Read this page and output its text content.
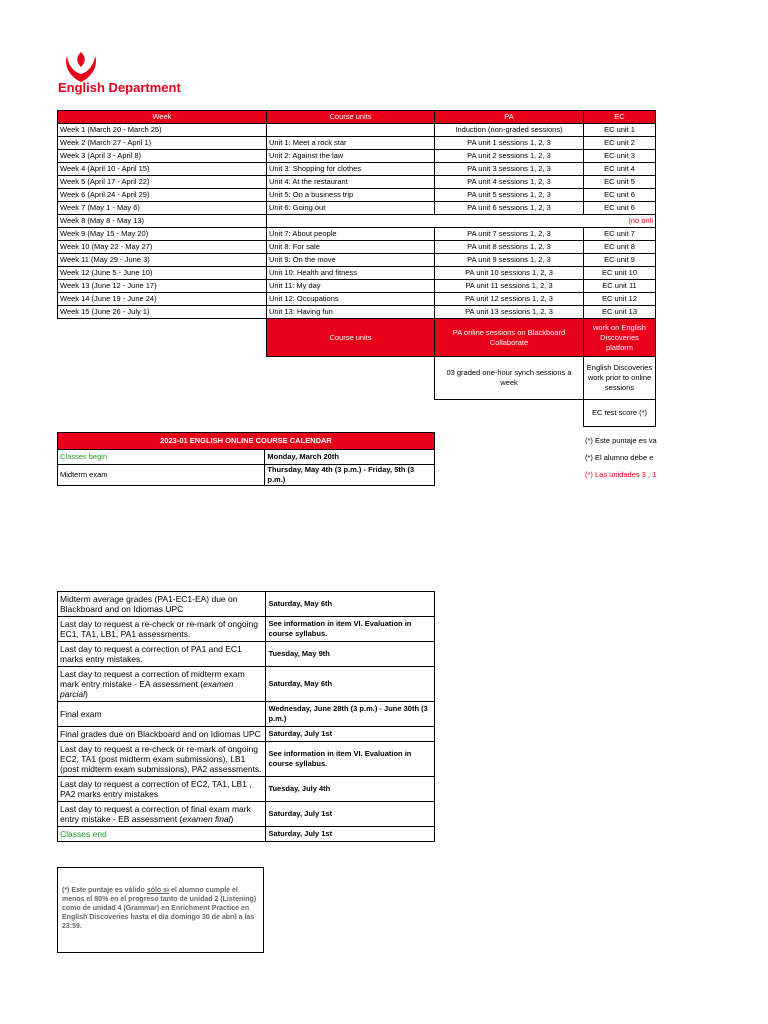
English Department
Week	Course units	PA	EC
Week 1 (March 20 - March 25)		Induction (non-graded sessions)	EC unit 1
Week 2 (March 27 - April 1)	Unit 1: Meet a rock star	PA unit 1 sessions 1, 2, 3	EC unit 2
Week 3 (April 3 - April 8)	Unit 2: Against the law	PA unit 2 sessions 1, 2, 3	EC unit 3
Week 4 (April 10 - April 15)	Unit 3: Shopping for clothes	PA unit 3 sessions 1, 2, 3	EC unit 4
Week 5 (April 17 - April 22)	Unit 4: At the restaurant	PA unit 4 sessions 1, 2, 3	EC unit 5
Week 6 (April 24 - April 29)	Unit 5: On a business trip	PA unit 5 sessions 1, 2, 3	EC unit 6
Week 7 (May 1 - May 6)	Unit 6: Going out	PA unit 6 sessions 1, 2, 3	EC unit 6
Week 8 (May 8 - May 13)	(no onli		
Week 9 (May 15 - May 20)	Unit 7: About people	PA unit 7 sessions 1, 2, 3	EC unit 7
Week 10 (May 22 - May 27)	Unit 8: For sale	PA unit 8 sessions 1, 2, 3	EC unit 8
Week 11 (May 29 - June 3)	Unit 9: On the move	PA unit 9 sessions 1, 2, 3	EC unit 9
Week 12 (June 5 - June 10)	Unit 10: Health and fitness	PA unit 10 sessions 1, 2, 3	EC unit 10
Week 13 (June 12 - June 17)	Unit 11: My day	PA unit 11 sessions 1, 2, 3	EC unit 11
Week 14 (June 19 - June 24)	Unit 12: Occupations	PA unit 12 sessions 1, 2, 3	EC unit 12
Week 15 (June 26 - July 1)	Unit 13: Having fun	PA unit 13 sessions 1, 2, 3	EC unit 13
	Course units	PA online sessions on Blackboard Collaborate	work on English Discoveries platform
		03 graded one-hour synch sessions a week	English Discoveries work prior to online sessions
			EC test score (*)
(*) Este puntaje es va
(*) El alumno debe e
(*) Las unidades 3 , 1
2023-01 ENGLISH ONLINE COURSE CALENDAR	
Classes begin	Monday, March 20th
Midterm exam	Thursday, May 4th (3 p.m.) - Friday, 5th (3 p.m.)
Midterm average grades (PA1-EC1-EA) due on Blackboard and on Idiomas UPC	Saturday, May 6th
Last day to request a re-check or re-mark of ongoing EC1, TA1, LB1, PA1 assessments.	See information in item VI. Evaluation in course syllabus.
Last day to request a correction of PA1 and EC1 marks entry mistakes.	Tuesday, May 9th
Last day to request a correction of midterm exam mark entry mistake - EA assessment (examen parcial)	Saturday, May 6th
Final exam	Wednesday, June 28th (3 p.m.) - June 30th (3 p.m.)
Final grades due on Blackboard and on Idiomas UPC	Saturday, July 1st
Last day to request a re-check or re-mark of ongoing EC2, TA1 (post midterm exam submissions), LB1 (post midterm exam submissions), PA2 assessments.	See information in item VI. Evaluation in course syllabus.
Last day to request a correction of EC2, TA1, LB1 , PA2 marks entry mistakes	Tuesday, July 4th
Last day to request a correction of final exam mark entry mistake - EB assessment (examen final)	Saturday, July 1st
Classes end	Saturday, July 1st
(*) Este puntaje es válido sólo si el alumno cumple el menos el 80% en el progreso tanto de unidad 2 (Listening) como de unidad 4 (Grammar) en Enrichment Practice en English Discoveries hasta el día domingo 30 de abril a las 23:59.
